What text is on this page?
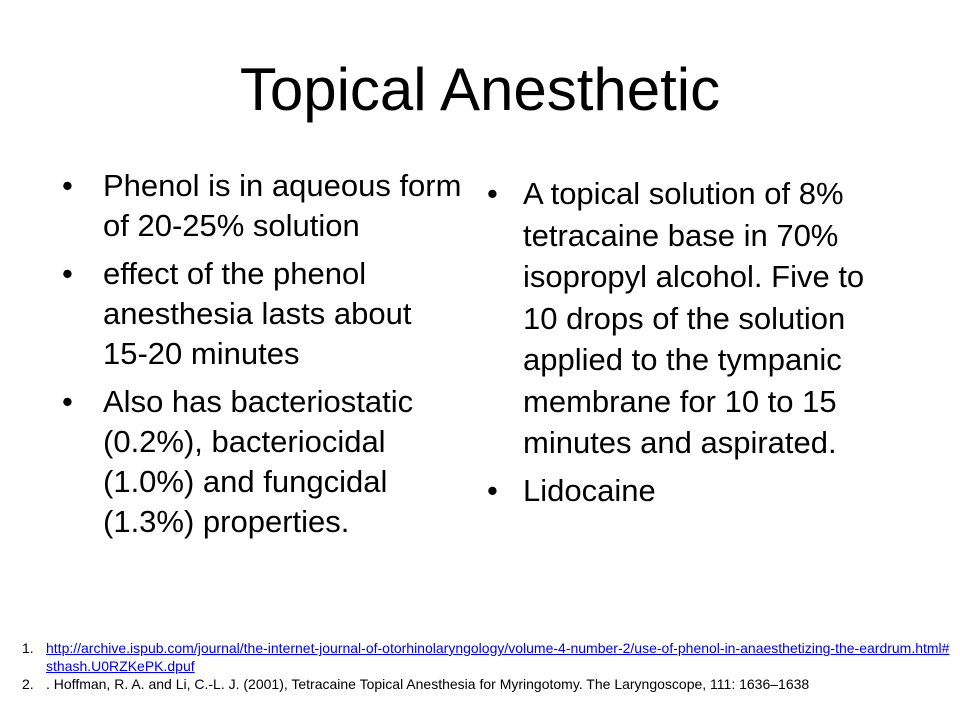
Topical Anesthetic
• Phenol is in aqueous form of 20-25% solution
• effect of the phenol anesthesia lasts about 15-20 minutes
• Also has bacteriostatic (0.2%), bacteriocidal (1.0%) and fungcidal (1.3%) properties.
• A topical solution of 8% tetracaine base in 70% isopropyl alcohol. Five to 10 drops of the solution applied to the tympanic membrane for 10 to 15 minutes and aspirated.
• Lidocaine
1. http://archive.ispub.com/journal/the-internet-journal-of-otorhinolaryngology/volume-4-number-2/use-of-phenol-in-anaesthetizing-the-eardrum.html#sthash.U0RZKePK.dpuf
2. . Hoffman, R. A. and Li, C.-L. J. (2001), Tetracaine Topical Anesthesia for Myringotomy. The Laryngoscope, 111: 1636–1638
